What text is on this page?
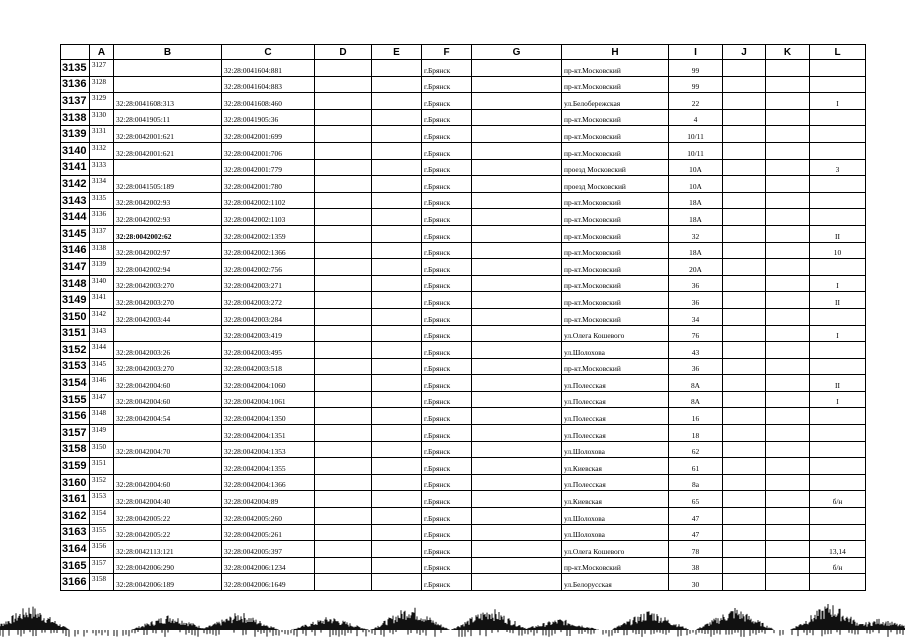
	A	B	C	D	E	F	G	H	I	J	K	L
3135	3127		32:28:0041604:881			г.Брянск		пр-кт.Московский	99			
3136	3128		32:28:0041604:883			г.Брянск		пр-кт.Московский	99			
3137	3129	32:28:0041608:313	32:28:0041608:460			г.Брянск		ул.Белобережская	22			I
3138	3130	32:28:0041905:11	32:28:0041905:36			г.Брянск		пр-кт.Московский	4			
3139	3131	32:28:0042001:621	32:28:0042001:699			г.Брянск		пр-кт.Московский	10/11			
3140	3132	32:28:0042001:621	32:28:0042001:706			г.Брянск		пр-кт.Московский	10/11			
3141	3133		32:28:0042001:779			г.Брянск		проезд Московский	10А			3
3142	3134	32:28:0041505:189	32:28:0042001:780			г.Брянск		проезд Московский	10А			
3143	3135	32:28:0042002:93	32:28:0042002:1102			г.Брянск		пр-кт.Московский	18А			
3144	3136	32:28:0042002:93	32:28:0042002:1103			г.Брянск		пр-кт.Московский	18А			
3145	3137	32:28:0042002:62	32:28:0042002:1359			г.Брянск		пр-кт.Московский	32			II
3146	3138	32:28:0042002:97	32:28:0042002:1366			г.Брянск		пр-кт.Московский	18А			10
3147	3139	32:28:0042002:94	32:28:0042002:756			г.Брянск		пр-кт.Московский	20А			
3148	3140	32:28:0042003:270	32:28:0042003:271			г.Брянск		пр-кт.Московский	36			I
3149	3141	32:28:0042003:270	32:28:0042003:272			г.Брянск		пр-кт.Московский	36			II
3150	3142	32:28:0042003:44	32:28:0042003:284			г.Брянск		пр-кт.Московский	34			
3151	3143		32:28:0042003:419			г.Брянск		ул.Олега Кошевого	76			I
3152	3144	32:28:0042003:26	32:28:0042003:495			г.Брянск		ул.Шолохова	43			
3153	3145	32:28:0042003:270	32:28:0042003:518			г.Брянск		пр-кт.Московский	36			
3154	3146	32:28:0042004:60	32:28:0042004:1060			г.Брянск		ул.Полесская	8А			II
3155	3147	32:28:0042004:60	32:28:0042004:1061			г.Брянск		ул.Полесская	8А			I
3156	3148	32:28:0042004:54	32:28:0042004:1350			г.Брянск		ул.Полесская	16			
3157	3149		32:28:0042004:1351			г.Брянск		ул.Полесская	18			
3158	3150	32:28:0042004:70	32:28:0042004:1353			г.Брянск		ул.Шолохова	62			
3159	3151		32:28:0042004:1355			г.Брянск		ул.Киевская	61			
3160	3152	32:28:0042004:60	32:28:0042004:1366			г.Брянск		ул.Полесская	8а			
3161	3153	32:28:0042004:40	32:28:0042004:89			г.Брянск		ул.Киевская	65			б/н
3162	3154	32:28:0042005:22	32:28:0042005:260			г.Брянск		ул.Шолохова	47			
3163	3155	32:28:0042005:22	32:28:0042005:261			г.Брянск		ул.Шолохова	47			
3164	3156	32:28:0042113:121	32:28:0042005:397			г.Брянск		ул.Олега Кошевого	78			13,14
3165	3157	32:28:0042006:290	32:28:0042006:1234			г.Брянск		пр-кт.Московский	38			б/н
3166	3158	32:28:0042006:189	32:28:0042006:1649			г.Брянск		ул.Белорусская	30			
